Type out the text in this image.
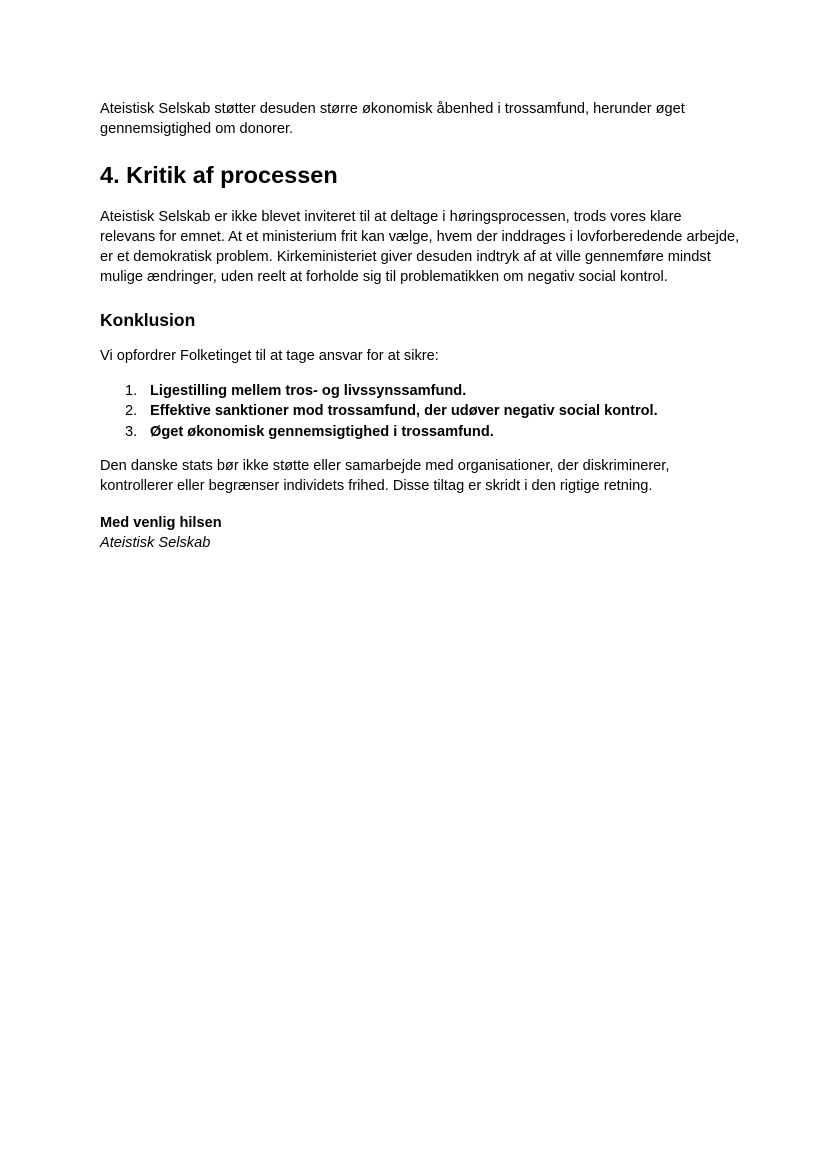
Ateistisk Selskab støtter desuden større økonomisk åbenhed i trossamfund, herunder øget gennemsigtighed om donorer.

4. Kritik af processen

Ateistisk Selskab er ikke blevet inviteret til at deltage i høringsprocessen, trods vores klare relevans for emnet. At et ministerium frit kan vælge, hvem der inddrages i lovforberedende arbejde, er et demokratisk problem. Kirkeministeriet giver desuden indtryk af at ville gennemføre mindst mulige ændringer, uden reelt at forholde sig til problematikken om negativ social kontrol.

Konklusion

Vi opfordrer Folketinget til at tage ansvar for at sikre:

1. Ligestilling mellem tros- og livssynssamfund.
2. Effektive sanktioner mod trossamfund, der udøver negativ social kontrol.
3. Øget økonomisk gennemsigtighed i trossamfund.

Den danske stats bør ikke støtte eller samarbejde med organisationer, der diskriminerer, kontrollerer eller begrænser individets frihed. Disse tiltag er skridt i den rigtige retning.

Med venlig hilsen

Ateistisk Selskab
